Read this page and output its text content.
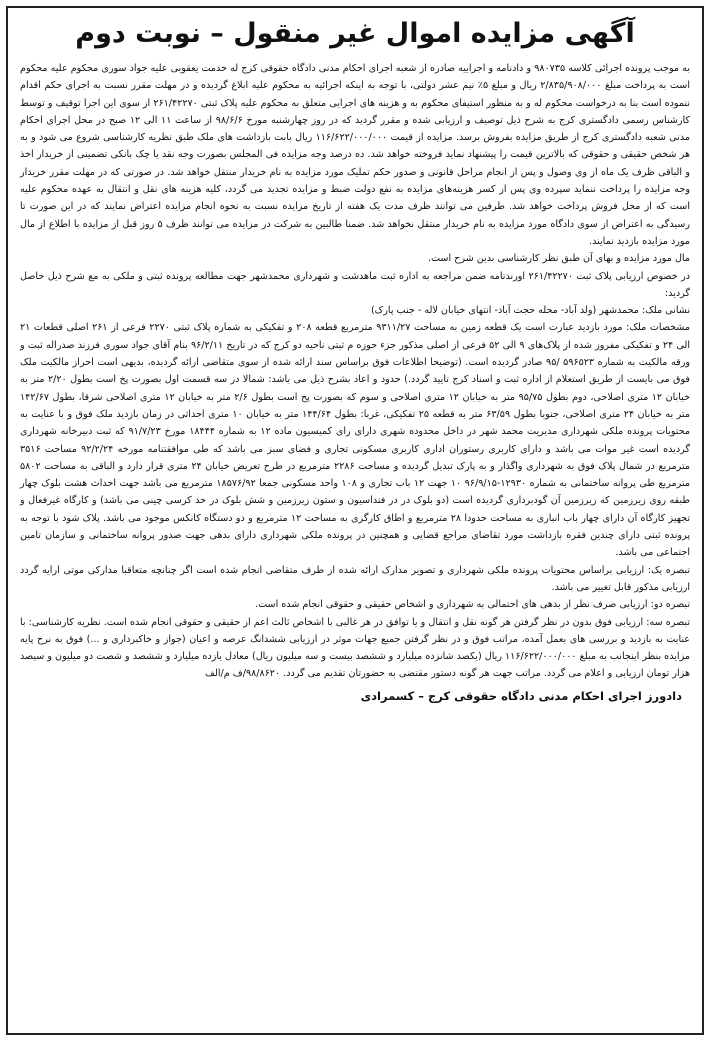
آگهی مزایده اموال غیر منقول – نوبت دوم

به موجب پرونده اجرائی کلاسه ۹۸۰۷۳۵ و دادنامه و اجراییه صادره از شعبه اجرای احکام مدنی دادگاه حقوقی کرج له خدمت یعقوبی علیه جواد سوری محکوم علیه محکوم است به پرداخت مبلغ ۲/۸۳۵/۹۰۸/۰۰۰ ریال و مبلغ ۵٪ نیم عشر دولتی، با توجه به اینکه اجرائیه به محکوم علیه ابلاغ گردیده و در مهلت مقرر نسبت به اجرای حکم اقدام ننموده است بنا به درخواست محکوم له و به منظور استیفای محکوم به و هزینه های اجرایی متعلق به محکوم علیه پلاک ثبتی ۲۶۱/۴۲۲۷۰ از سوی این اجرا توقیف و توسط کارشناس رسمی دادگستری کرج به شرح ذیل توصیف و ارزیابی شده و مقرر گردید که در روز چهارشنبه مورخ ۹۸/۶/۶ از ساعت ۱۱ الی ۱۲ صبح در محل اجرای احکام مدنی شعبه دادگستری کرج از طریق مزایده بفروش برسد. مزایده از قیمت ۱۱۶/۶۲۲/۰۰۰/۰۰۰ ریال بابت بازداشت های ملک طبق نظریه کارشناسی شروع می شود و به هر شخص حقیقی و حقوقی که بالاترین قیمت را پیشنهاد نماید فروخته خواهد شد. ده درصد وجه مزایده فی المجلس بصورت وجه نقد یا چک بانکی تضمینی از خریدار اخذ و الباقی ظرف یک ماه از وی وصول و پس از انجام مراحل قانونی و صدور حکم تملیک مورد مزایده به نام خریدار منتقل خواهد شد. در صورتی که در مهلت مقرر خریدار وجه مزایده را پرداخت ننماید سپرده وی پس از کسر هزینه‌های مزایده به نفع دولت ضبط و مزایده تجدید می گردد، کلیه هزینه های نقل و انتقال به عهده محکوم علیه است که از محل فروش پرداخت خواهد شد. طرفین می توانند ظرف مدت یک هفته از تاریخ مزایده نسبت به نحوه انجام مزایده اعتراض نمایند که در این صورت تا رسیدگی به اعتراض از سوی دادگاه مورد مزایده به نام خریدار منتقل نخواهد شد. ضمنا طالبین به شرکت در مزایده می توانند ظرف ۵ روز قبل از مزایده با اطلاع از مال مورد مزایده بازدید نمایند.

مال مورد مزایده و بهای آن طبق نظر کارشناسی بدین شرح است.

در خصوص ارزیابی پلاک ثبت ۲۶۱/۴۲۲۷۰ اورندنامه ضمن مراجعه به اداره ثبت ماهدشت و شهرداری محمدشهر جهت مطالعه پرونده ثبتی و ملکی به مع شرح ذیل حاصل گردید:

نشانی ملک: محمدشهر (ولد آباد- محله حجت آباد- انتهای خیابان لاله - جنب پارک)

مشخصات ملک: مورد بازدید عبارت است یک قطعه زمین به مساحت ۹۳۱۱/۲۷ مترمربع قطعه ۲۰۸ و تفکیکی به شماره پلاک ثبتی ۲۲۷۰ فرعی از ۲۶۱ اصلی قطعات ۲۱ الی ۲۴ و تفکیکی مفروز شده از پلاک‌های ۹ الی ۵۲ فرعی از اصلی مذکور جزء حوزه م ثبتی ناحیه دو کرج که در تاریخ ۹۶/۲/۱۱ بنام آقای جواد سوری فرزند صدراله ثبت و ورقه مالکیت به شماره ۵۹۶۵۲۳ /۹۵ صادر گردیده است. (توضیحا اطلاعات فوق براساس سند ارائه شده از سوی متقاضی ارائه گردیده، بدیهی است احراز مالکیت ملک فوق می بایست از طریق استعلام از اداره ثبت و اسناد کرج تایید گردد.) حدود و اعاد بشرح ذیل می باشد: شمالا در سه قسمت اول بصورت پخ است بطول ۲/۲۰ متر به خیابان ۱۲ متری اصلاحی، دوم بطول ۹۵/۷۵ متر به خیابان ۱۲ متری اصلاحی و سوم که بصورت پخ است بطول ۲/۶ متر به خیابان ۱۲ متری اصلاحی شرقا، بطول ۱۴۲/۶۷ متر به خیابان ۲۴ متری اصلاحی، جنوبا بطول ۶۳/۵۹ متر به قطعه ۲۵ تفکیکی، غربا: بطول ۱۴۴/۶۴ متر به خیابان ۱۰ متری احداثی در زمان بازدید ملک فوق و با عنایت به محتویات پرونده ملکی شهرداری مدیریت محمد شهر در داخل محدوده شهری دارای رای کمیسیون ماده ۱۲ به شماره ۱۸۴۴۴ مورخ ۹۱/۷/۲۳ که ثبت دبیرخانه شهرداری گردیده است غیر موات می باشد و دارای کاربری رستوران اداری کاربری مسکونی تجاری و فضای سبز می باشد که طی موافقتنامه مورخه ۹۲/۲/۲۴ مساحت ۳۵۱۶ مترمربع در شمال پلاک فوق به شهرداری واگذار و به پارک تبدیل گردیده و مساحت ۲۲۸۶ مترمربع در طرح تعریض خیابان ۲۴ متری قرار دارد و الباقی به مساحت ۵۸۰۲ مترمربع طی پروانه ساختمانی به شماره ۱۲۹۳۰-۹۶/۹/۱۵ ۱۰ جهت ۱۲ باب تجاری و ۱۰۸ واحد مسکونی جمعا ۱۸۵۷۶/۹۲ مترمربع می باشد جهت احداث هشت بلوک چهار طبقه روی زیرزمین که زیرزمین آن گودبرداری گردیده است (دو بلوک در در فنداسیون و ستون زیرزمین و شش بلوک در حد کرسی چینی می باشد) و کارگاه غیرفعال و تجهیز کارگاه آن دارای چهار باب انباری به مساحت حدودا ۲۸ مترمربع و اطاق کارگری به مساحت ۱۲ مترمربع و دو دستگاه کانکس موجود می باشد. پلاک شود با توجه به پرونده ثبتی دارای چندین فقره بازداشت مورد تقاضای مراجع قضایی و همچنین در پرونده ملکی شهرداری دارای بدهی جهت صدور پروانه ساختمانی و سازمان تامین اجتماعی می باشد.

تبصره یک: ارزیابی براساس محتویات پرونده ملکی شهرداری و تصویر مدارک ارائه شده از طرف متقاضی انجام شده است اگر چنانچه متعاقبا مدارکی موتی ارایه گردد ارزیابی مذکور قابل تغییر می باشد.

تبصره دو: ارزیابی صرف نظر از بدهی های احتمالی به شهرداری و اشخاص حقیقی و حقوقی انجام شده است.

تبصره سه: ارزیابی فوق بدون در نظر گرفتن هر گونه نقل و انتقال و یا توافق در هر غالبی با اشخاص ثالث اعم از حقیقی و حقوقی انجام شده است. نظریه کارشناسی: با عنایت به بازدید و بررسی های بعمل آمده، مراتب فوق و در نظر گرفتن جمیع جهات موثر در ارزیابی ششدانگ عرصه و اعیان (جواز و خاکبرداری و ...) فوق به نرخ پایه مزایده بنظر اینجانب به مبلغ ۱۱۶/۶۲۲/۰۰۰/۰۰۰ ریال (یکصد شانزده میلیارد و ششصد بیست و سه میلیون ریال) معادل یازده میلیارد و ششصد و شصت دو میلیون و سیصد هزار تومان ارزیابی و اعلام می گردد. مراتب جهت هر گونه دستور مقتضی به حضورتان تقدیم می گردد. ۹۸/۸۶۲۰/ف م/الف

دادورز اجرای احکام مدنی دادگاه حقوقی کرج – کسمرادی
